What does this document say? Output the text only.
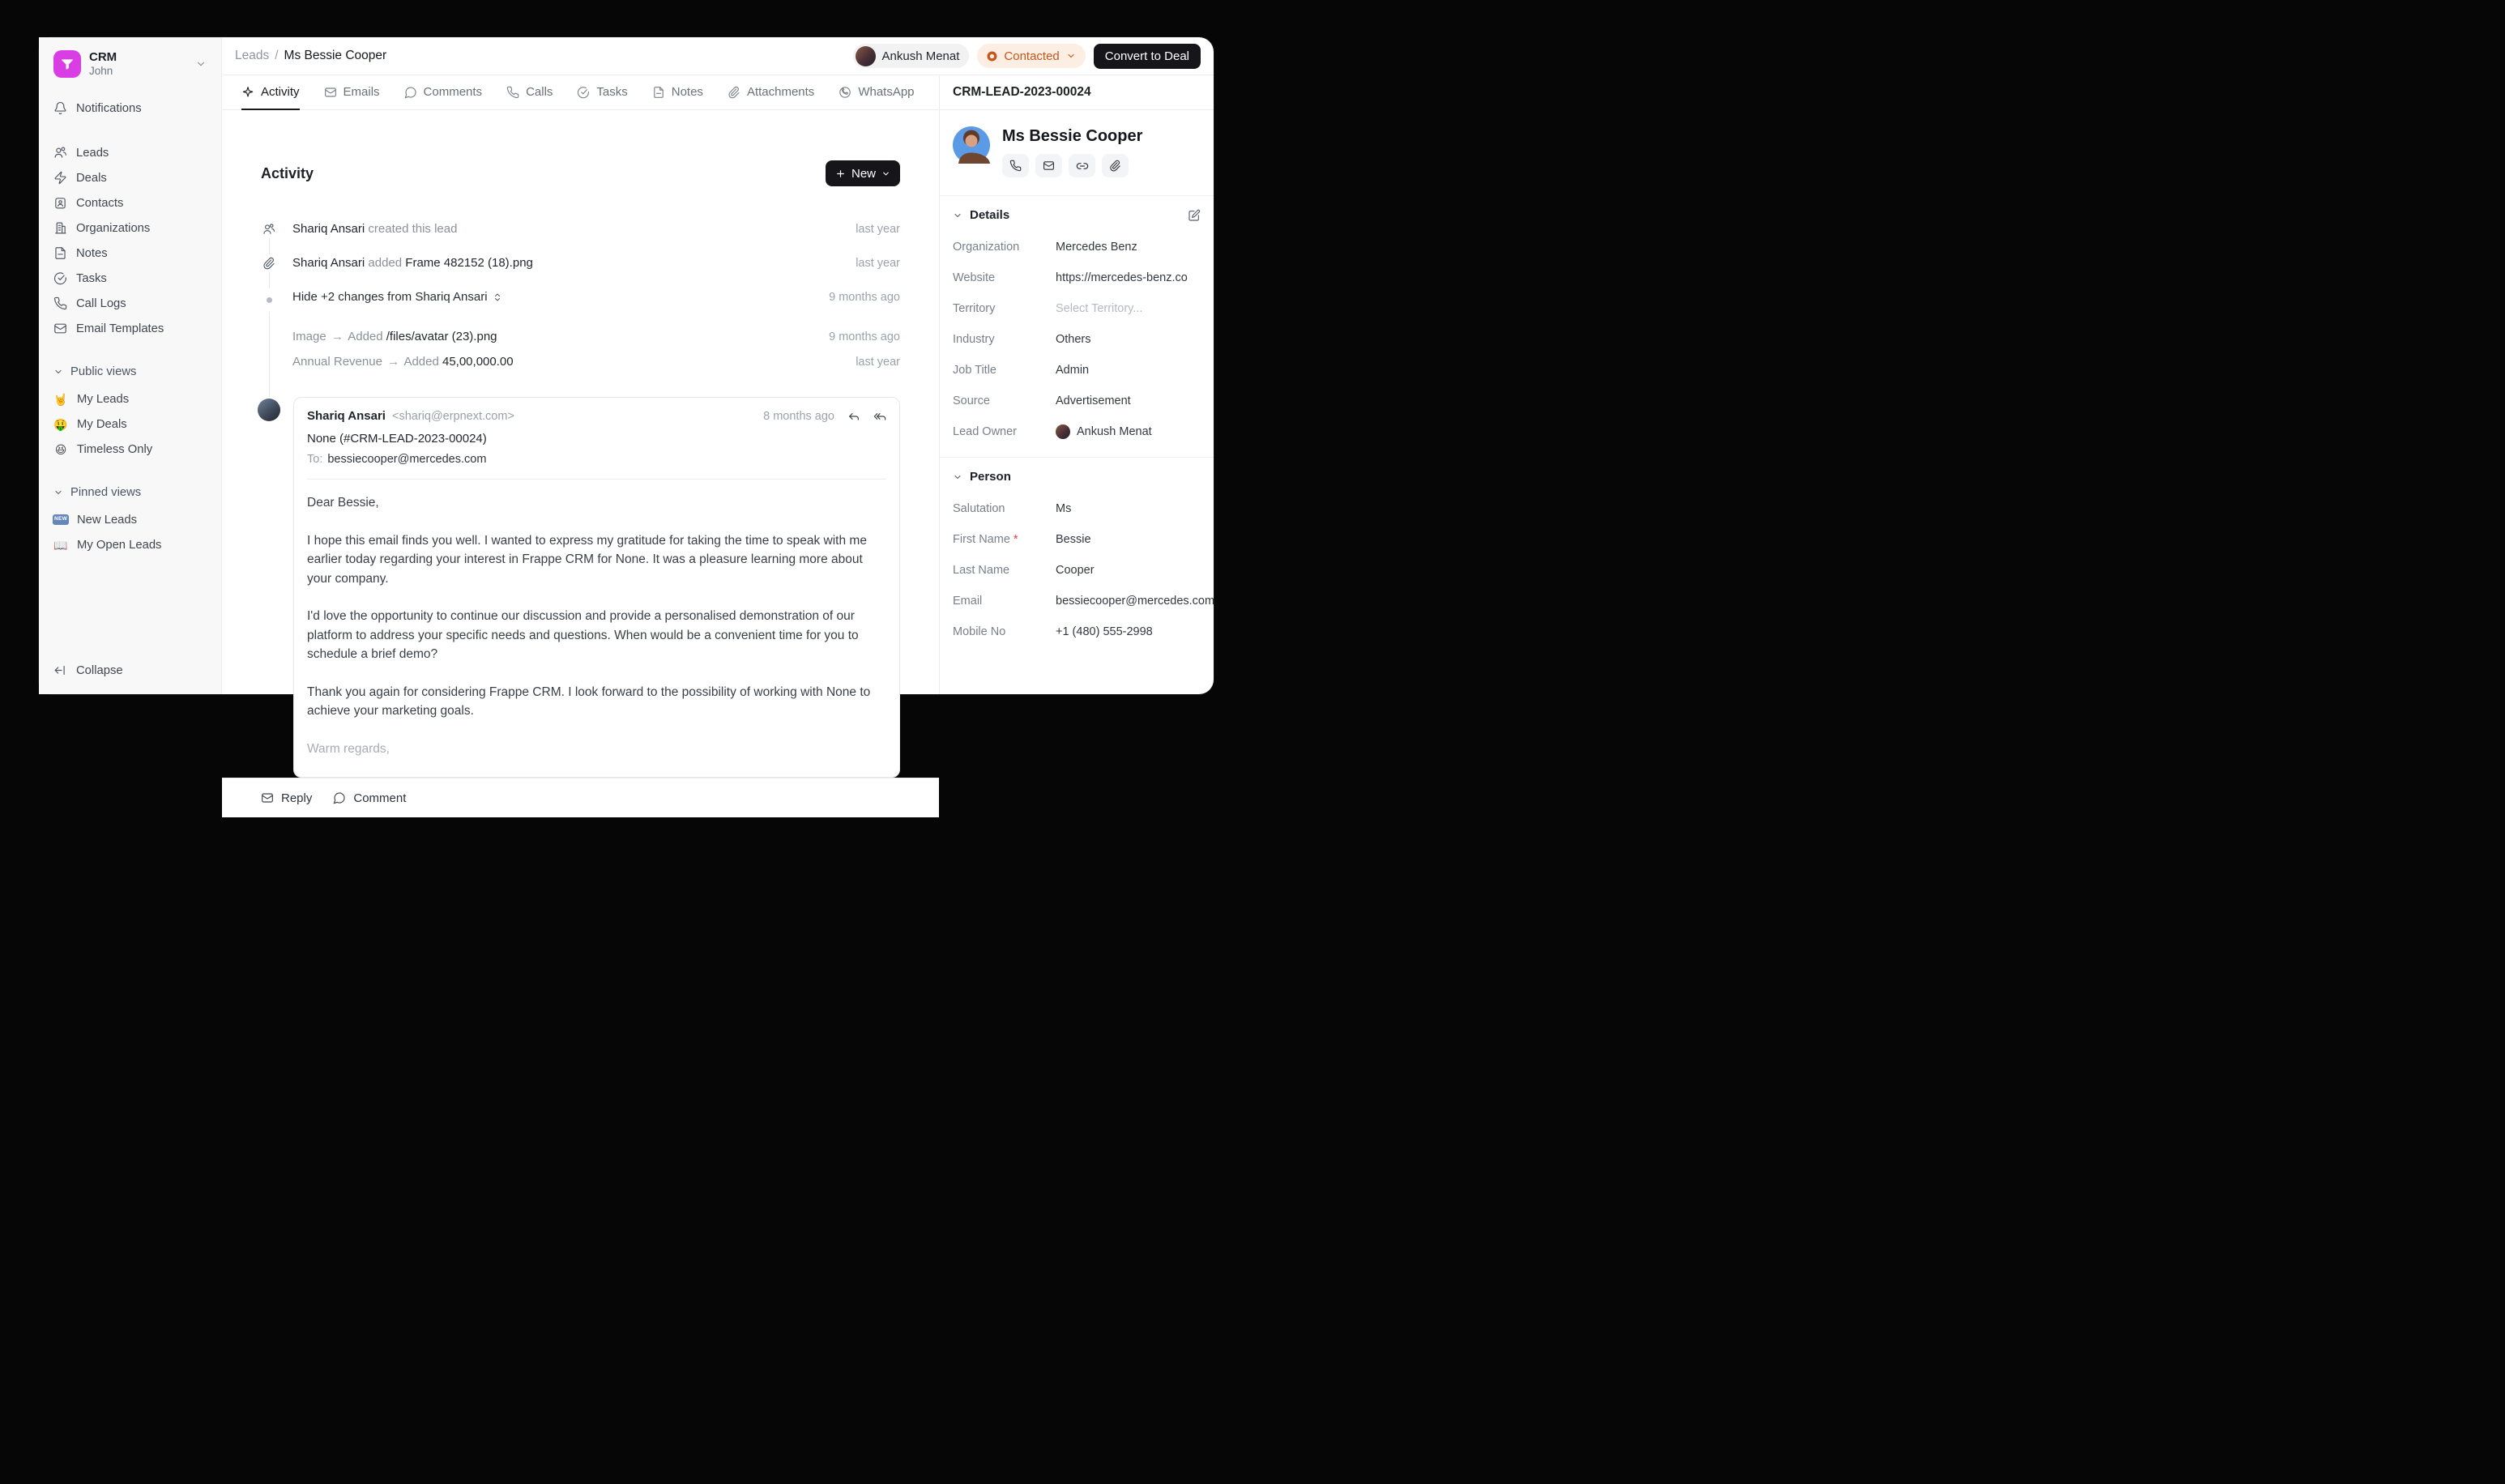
CRM
John
Notifications
Leads
Deals
Contacts
Organizations
Notes
Tasks
Call Logs
Email Templates
Public views
🤘 My Leads
🤑 My Deals
😆 Timeless Only
Pinned views
NEW New Leads
📖 My Open Leads
Collapse
Leads / Ms Bessie Cooper	Ankush Menat	Contacted	Convert to Deal
Activity	Emails	Comments	Calls	Tasks	Notes	Attachments	WhatsApp
Activity	New
Shariq Ansari created this lead	last year
Shariq Ansari added Frame 482152 (18).png	last year
Hide +2 changes from Shariq Ansari	9 months ago
Image → Added /files/avatar (23).png	9 months ago
Annual Revenue → Added 45,00,000.00	last year
Shariq Ansari <shariq@erpnext.com>	8 months ago
None (#CRM-LEAD-2023-00024)
To: bessiecooper@mercedes.com

Dear Bessie,

I hope this email finds you well. I wanted to express my gratitude for taking the time to speak with me earlier today regarding your interest in Frappe CRM for None. It was a pleasure learning more about your company.

I'd love the opportunity to continue our discussion and provide a personalised demonstration of our platform to address your specific needs and questions. When would be a convenient time for you to schedule a brief demo?

Thank you again for considering Frappe CRM. I look forward to the possibility of working with None to achieve your marketing goals.

Warm regards,

Reply	Comment
CRM-LEAD-2023-00024
Ms Bessie Cooper
Details
Organization	Mercedes Benz
Website	https://mercedes-benz.co
Territory	Select Territory...
Industry	Others
Job Title	Admin
Source	Advertisement
Lead Owner	Ankush Menat
Person
Salutation	Ms
First Name *	Bessie
Last Name	Cooper
Email	bessiecooper@mercedes.com
Mobile No	+1 (480) 555-2998
